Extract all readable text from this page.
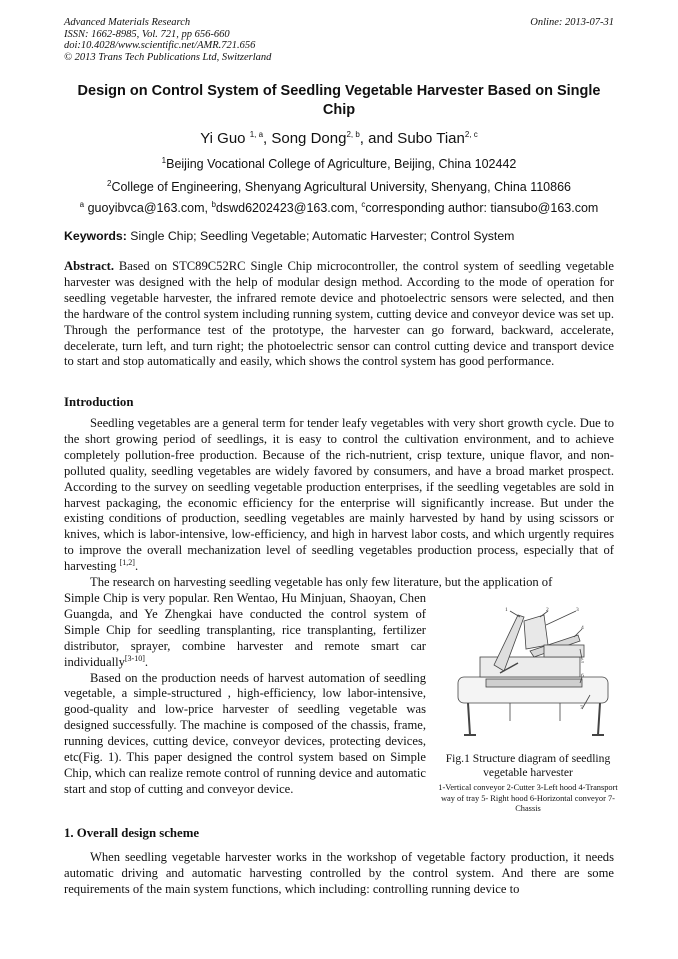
Advanced Materials Research
ISSN: 1662-8985, Vol. 721, pp 656-660
doi:10.4028/www.scientific.net/AMR.721.656
© 2013 Trans Tech Publications Ltd, Switzerland
Online: 2013-07-31
Design on Control System of Seedling Vegetable Harvester Based on Single Chip
Yi Guo $^{1, a}$, Song Dong$^{2, b}$, and Subo Tian$^{2, c}$
$^1$Beijing Vocational College of Agriculture, Beijing, China 102442
$^2$College of Engineering, Shenyang Agricultural University, Shenyang, China 110866
$^a$ guoyibvca@163.com, $^b$dswd6202423@163.com, $^c$corresponding author: tiansubo@163.com
Keywords: Single Chip; Seedling Vegetable; Automatic Harvester; Control System
Abstract. Based on STC89C52RC Single Chip microcontroller, the control system of seedling vegetable harvester was designed with the help of modular design method. According to the mode of operation for seedling vegetable harvester, the infrared remote device and photoelectric sensors were selected, and then the hardware of the control system including running system, cutting device and conveyor device was set up. Through the performance test of the prototype, the harvester can go forward, backward, accelerate, decelerate, turn left, and turn right; the photoelectric sensor can control cutting device and transport device to start and stop automatically and easily, which shows the control system has good performance.
Introduction

Seedling vegetables are a general term for tender leafy vegetables with very short growth cycle. Due to the short growing period of seedlings, it is easy to control the cultivation environment, and to achieve completely pollution-free production. Because of the rich-nutrient, crisp texture, unique flavor, and non-polluted quality, seedling vegetables are widely favored by consumers, and have a broad market prospect. According to the survey on seedling vegetable production enterprises, if the seedling vegetables are sold in harvest packaging, the economic efficiency for the enterprise will significantly increase. But under the existing conditions of production, seedling vegetables are mainly harvested by hand by using scissors or knives, which is labor-intensive, low-efficiency, and high in harvest labor costs, and which urgently requires to improve the overall mechanization level of seedling vegetables production process, especially that of harvesting [1,2].

The research on harvesting seedling vegetable has only few literature, but the application of

Simple Chip is very popular. Ren Wentao, Hu Minjuan, Shaoyan, Chen Guangda, and Ye Zhengkai have conducted the control system of Simple Chip for seedling transplanting, rice transplanting, fertilizer distributor, sprayer, combine harvester and remote smart car individually[3-10].

Based on the production needs of harvest automation of seedling vegetable, a simple-structured , high-efficiency, low labor-intensive, good-quality and low-price harvester of seedling vegetable was designed successfully. The machine is composed of the chassis, frame, running devices, cutting device, conveyor devices, protecting devices, etc(Fig. 1). This paper designed the control system based on Simple Chip, which can realize remote control of running device and automatic start and stop of cutting and conveyor device.

1	2	3
4
5
6
7
Fig.1 Structure diagram of seedling vegetable harvester
1-Vertical conveyor 2-Cutter 3-Left hood 4-Transport way of tray 5- Right hood 6-Horizontal conveyor 7-Chassis
1. Overall design scheme
When seedling vegetable harvester works in the workshop of vegetable factory production, it needs automatic driving and automatic harvesting controlled by the control system. And there are some requirements of the main system functions, which including: controlling running device to
